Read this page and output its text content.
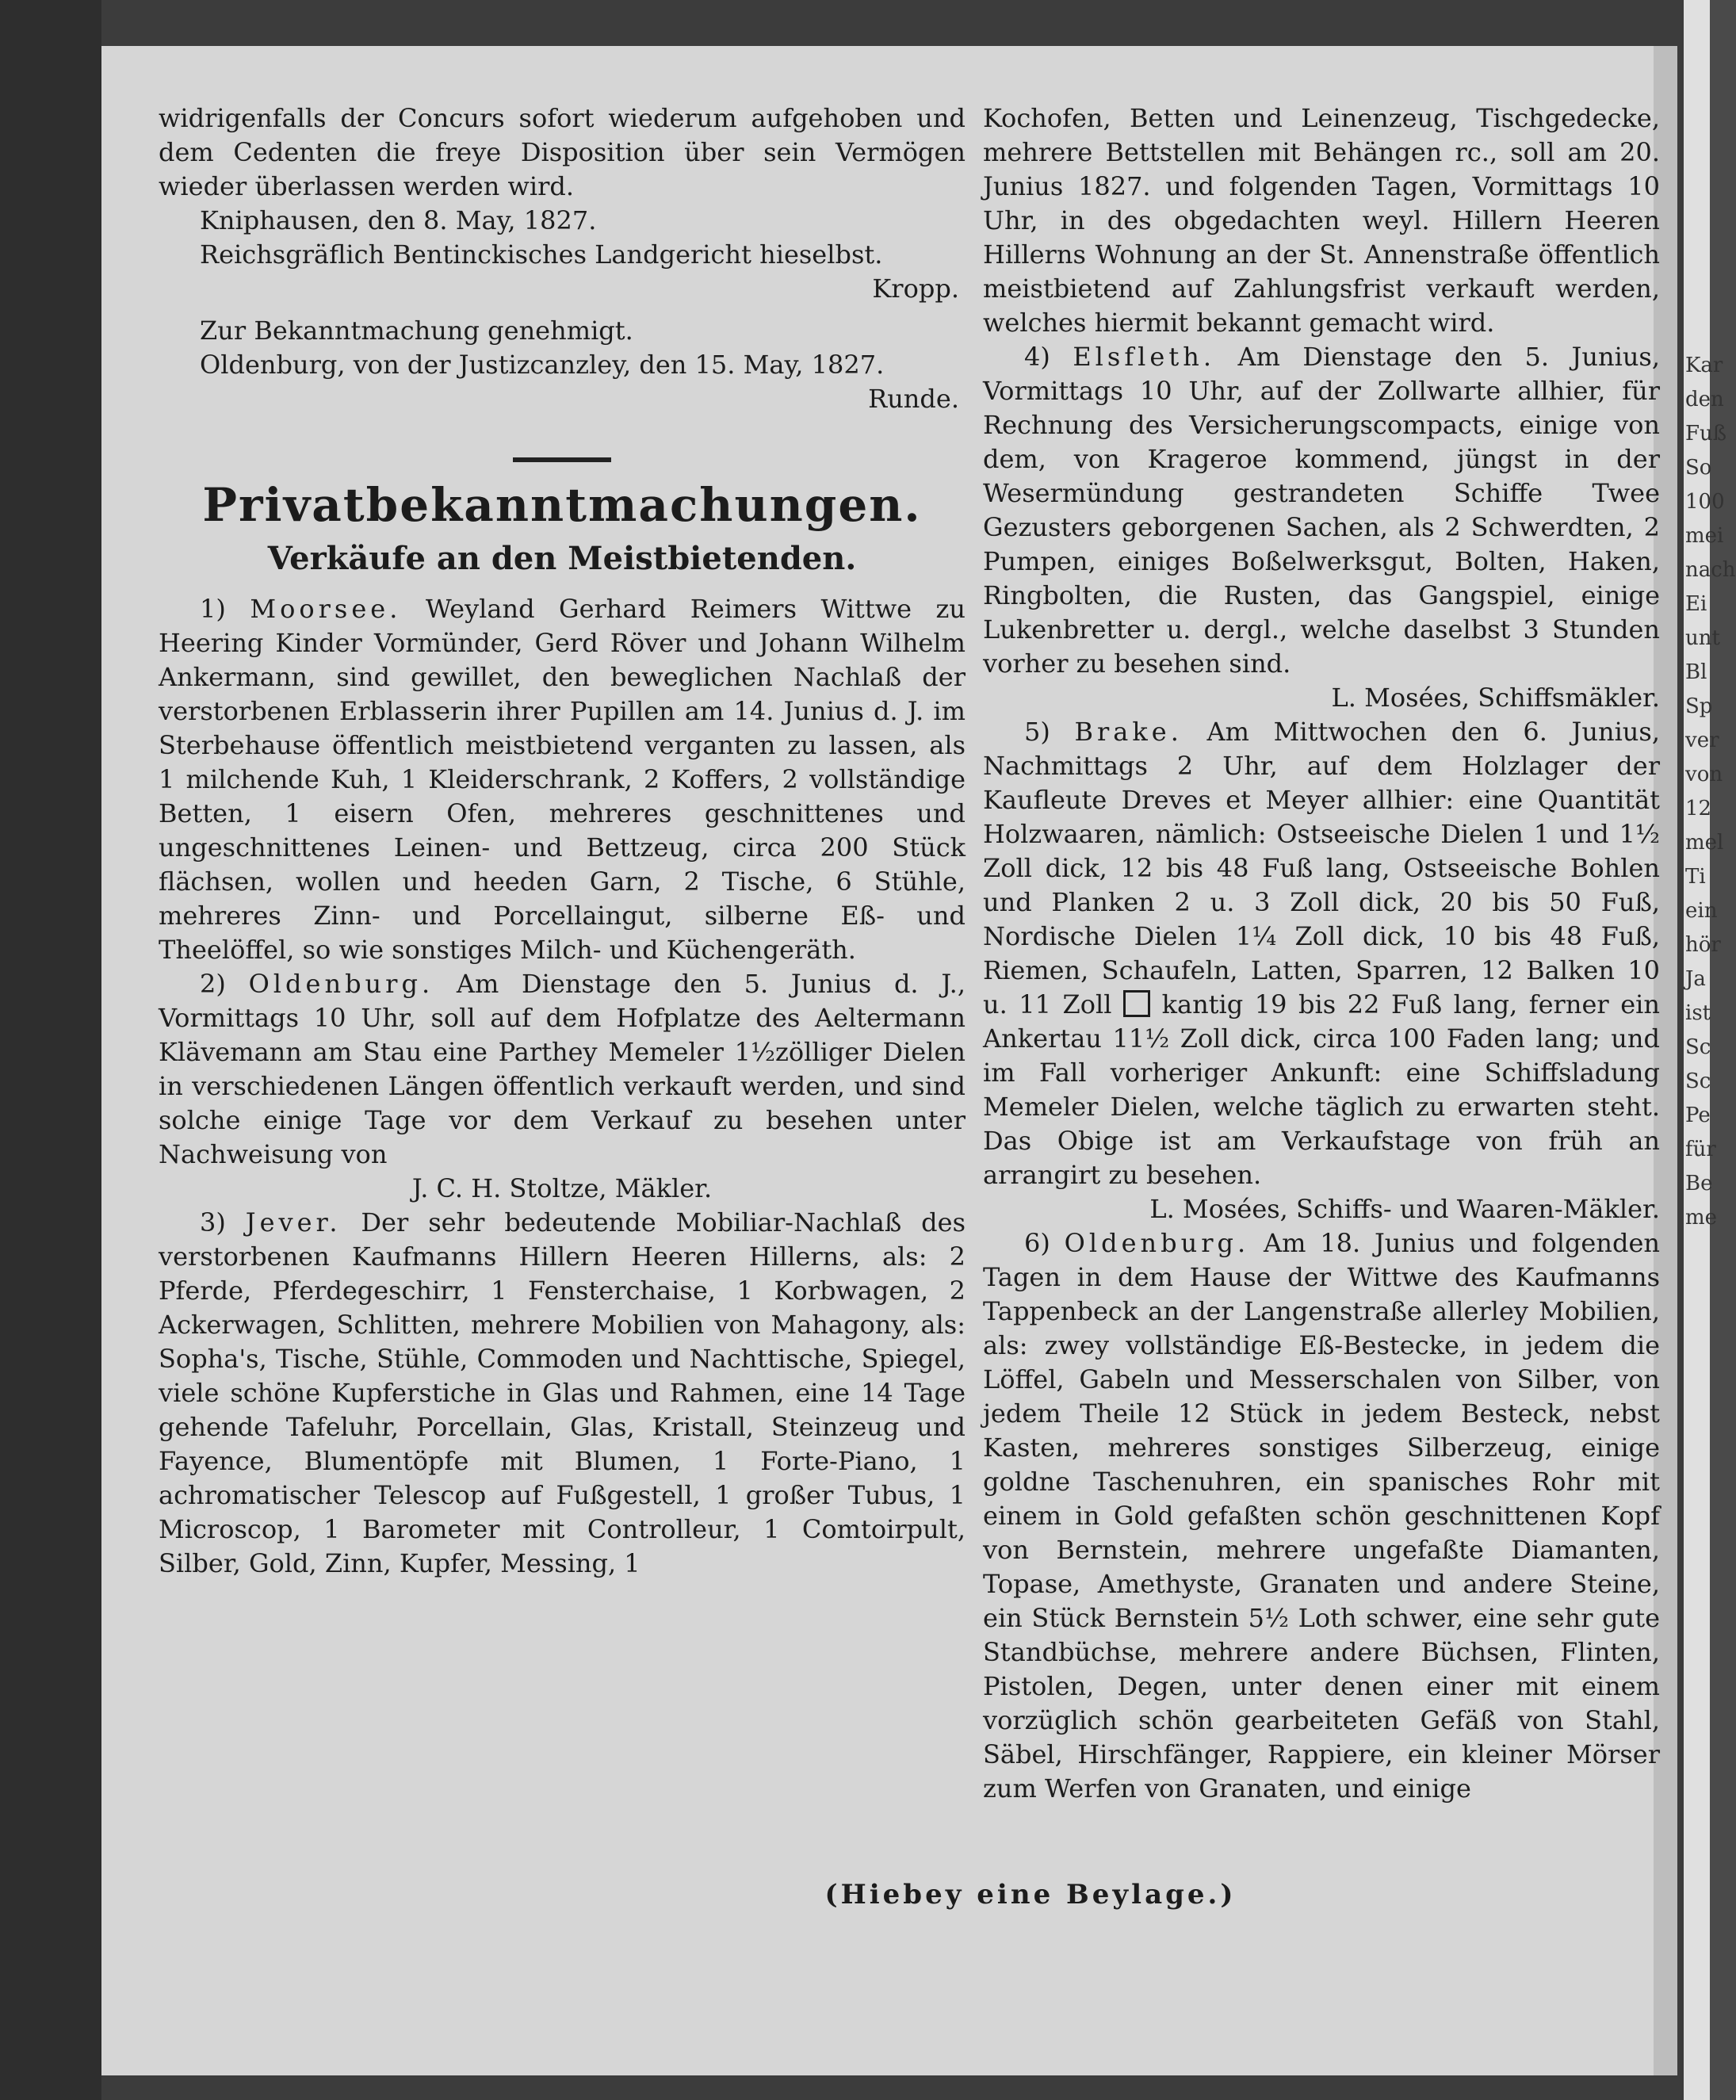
widrigenfalls der Concurs sofort wiederum aufgehoben und dem Cedenten die freye Disposition über sein Vermögen wieder überlassen werden wird.

Kniphausen, den 8. May, 1827.

Reichsgräflich Bentinckisches Landgericht hieselbst.

Kropp.

Zur Bekanntmachung genehmigt.

Oldenburg, von der Justizcanzley, den 15. May, 1827.

Runde.

Privatbekanntmachungen.

Verkäufe an den Meistbietenden.

1) Moorsee. Weyland Gerhard Reimers Wittwe zu Heering Kinder Vormünder, Gerd Röver und Johann Wilhelm Ankermann, sind gewillet, den beweglichen Nachlaß der verstorbenen Erblasserin ihrer Pupillen am 14. Junius d. J. im Sterbehause öffentlich meistbietend verganten zu lassen, als 1 milchende Kuh, 1 Kleiderschrank, 2 Koffers, 2 vollständige Betten, 1 eisern Ofen, mehreres geschnittenes und ungeschnittenes Leinen- und Bettzeug, circa 200 Stück flächsen, wollen und heeden Garn, 2 Tische, 6 Stühle, mehreres Zinn- und Porcellaingut, silberne Eß- und Theelöffel, so wie sonstiges Milch- und Küchengeräth.

2) Oldenburg. Am Dienstage den 5. Junius d. J., Vormittags 10 Uhr, soll auf dem Hofplatze des Aeltermann Klävemann am Stau eine Parthey Memeler 1½zölliger Dielen in verschiedenen Längen öffentlich verkauft werden, und sind solche einige Tage vor dem Verkauf zu besehen unter Nachweisung von

J. C. H. Stoltze, Mäkler.

3) Jever. Der sehr bedeutende Mobiliar-Nachlaß des verstorbenen Kaufmanns Hillern Heeren Hillerns, als: 2 Pferde, Pferdegeschirr, 1 Fensterchaise, 1 Korbwagen, 2 Ackerwagen, Schlitten, mehrere Mobilien von Mahagony, als: Sopha's, Tische, Stühle, Commoden und Nachttische, Spiegel, viele schöne Kupferstiche in Glas und Rahmen, eine 14 Tage gehende Tafeluhr, Porcellain, Glas, Kristall, Steinzeug und Fayence, Blumentöpfe mit Blumen, 1 Forte-Piano, 1 achromatischer Telescop auf Fußgestell, 1 großer Tubus, 1 Microscop, 1 Barometer mit Controlleur, 1 Comtoirpult, Silber, Gold, Zinn, Kupfer, Messing, 1

Kochofen, Betten und Leinenzeug, Tischgedecke, mehrere Bettstellen mit Behängen rc., soll am 20. Junius 1827. und folgenden Tagen, Vormittags 10 Uhr, in des obgedachten weyl. Hillern Heeren Hillerns Wohnung an der St. Annenstraße öffentlich meistbietend auf Zahlungsfrist verkauft werden, welches hiermit bekannt gemacht wird.

4) Elsfleth. Am Dienstage den 5. Junius, Vormittags 10 Uhr, auf der Zollwarte allhier, für Rechnung des Versicherungscompacts, einige von dem, von Krageroe kommend, jüngst in der Wesermündung gestrandeten Schiffe Twee Gezusters geborgenen Sachen, als 2 Schwerdten, 2 Pumpen, einiges Boßelwerksgut, Bolten, Haken, Ringbolten, die Rusten, das Gangspiel, einige Lukenbretter u. dergl., welche daselbst 3 Stunden vorher zu besehen sind.

L. Mosées, Schiffsmäkler.

5) Brake. Am Mittwochen den 6. Junius, Nachmittags 2 Uhr, auf dem Holzlager der Kaufleute Dreves et Meyer allhier: eine Quantität Holzwaaren, nämlich: Ostseeische Dielen 1 und 1½ Zoll dick, 12 bis 48 Fuß lang, Ostseeische Bohlen und Planken 2 u. 3 Zoll dick, 20 bis 50 Fuß, Nordische Dielen 1¼ Zoll dick, 10 bis 48 Fuß, Riemen, Schaufeln, Latten, Sparren, 12 Balken 10 u. 11 Zoll kantig 19 bis 22 Fuß lang, ferner ein Ankertau 11½ Zoll dick, circa 100 Faden lang; und im Fall vorheriger Ankunft: eine Schiffsladung Memeler Dielen, welche täglich zu erwarten steht. Das Obige ist am Verkaufstage von früh an arrangirt zu besehen.

L. Mosées, Schiffs- und Waaren-Mäkler.

6) Oldenburg. Am 18. Junius und folgenden Tagen in dem Hause der Wittwe des Kaufmanns Tappenbeck an der Langenstraße allerley Mobilien, als: zwey vollständige Eß-Bestecke, in jedem die Löffel, Gabeln und Messerschalen von Silber, von jedem Theile 12 Stück in jedem Besteck, nebst Kasten, mehreres sonstiges Silberzeug, einige goldne Taschenuhren, ein spanisches Rohr mit einem in Gold gefaßten schön geschnittenen Kopf von Bernstein, mehrere ungefaßte Diamanten, Topase, Amethyste, Granaten und andere Steine, ein Stück Bernstein 5½ Loth schwer, eine sehr gute Standbüchse, mehrere andere Büchsen, Flinten, Pistolen, Degen, unter denen einer mit einem vorzüglich schön gearbeiteten Gefäß von Stahl, Säbel, Hirschfänger, Rappiere, ein kleiner Mörser zum Werfen von Granaten, und einige

(Hiebey eine Beylage.)
Kar
den
Fuß
So
100
mei
nach
Ei
unt
Bl
Sp
ver
von
12
mel
Ti
ein
hör
Ja
ist
Sc
Sc
Pe
für
Be
me
